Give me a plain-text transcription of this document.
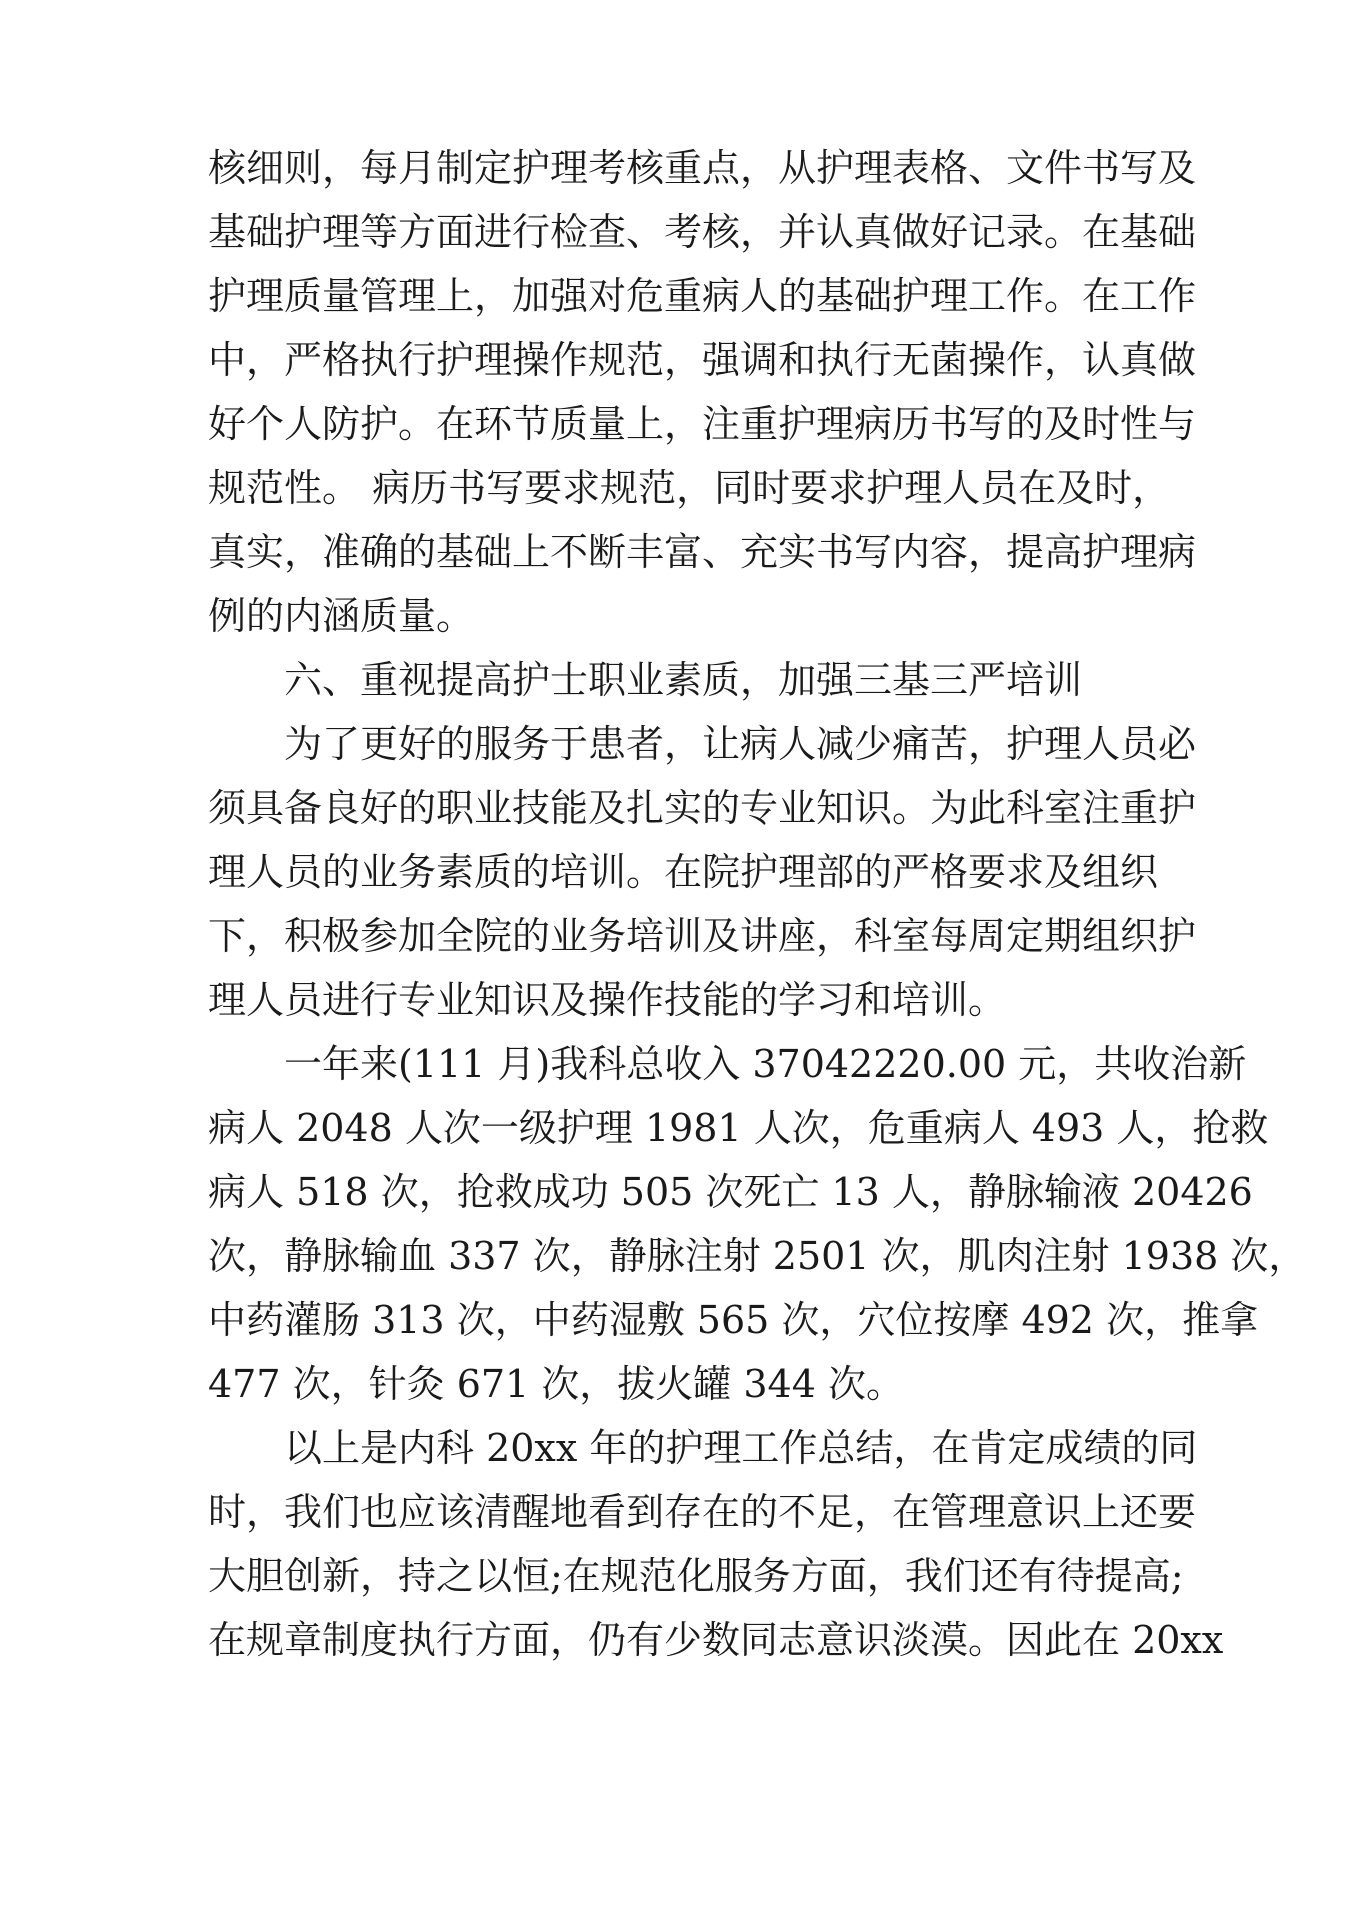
核细则，每月制定护理考核重点，从护理表格、文件书写及
基础护理等方面进行检查、考核，并认真做好记录。在基础
护理质量管理上，加强对危重病人的基础护理工作。在工作
中，严格执行护理操作规范，强调和执行无菌操作，认真做
好个人防护。在环节质量上，注重护理病历书写的及时性与
规范性。 病历书写要求规范，同时要求护理人员在及时，
真实，准确的基础上不断丰富、充实书写内容，提高护理病
例的内涵质量。
六、重视提高护士职业素质，加强三基三严培训
为了更好的服务于患者，让病人减少痛苦，护理人员必
须具备良好的职业技能及扎实的专业知识。为此科室注重护
理人员的业务素质的培训。在院护理部的严格要求及组织
下，积极参加全院的业务培训及讲座，科室每周定期组织护
理人员进行专业知识及操作技能的学习和培训。
一年来(111 月)我科总收入 37042220.00 元，共收治新
病人 2048 人次一级护理 1981 人次，危重病人 493 人，抢救
病人 518 次，抢救成功 505 次死亡 13 人，静脉输液 20426
次，静脉输血 337 次，静脉注射 2501 次，肌肉注射 1938 次，
中药灌肠 313 次，中药湿敷 565 次，穴位按摩 492 次，推拿
477 次，针灸 671 次，拔火罐 344 次。
以上是内科 20xx 年的护理工作总结，在肯定成绩的同
时，我们也应该清醒地看到存在的不足，在管理意识上还要
大胆创新，持之以恒;在规范化服务方面，我们还有待提高;
在规章制度执行方面，仍有少数同志意识淡漠。因此在 20xx
